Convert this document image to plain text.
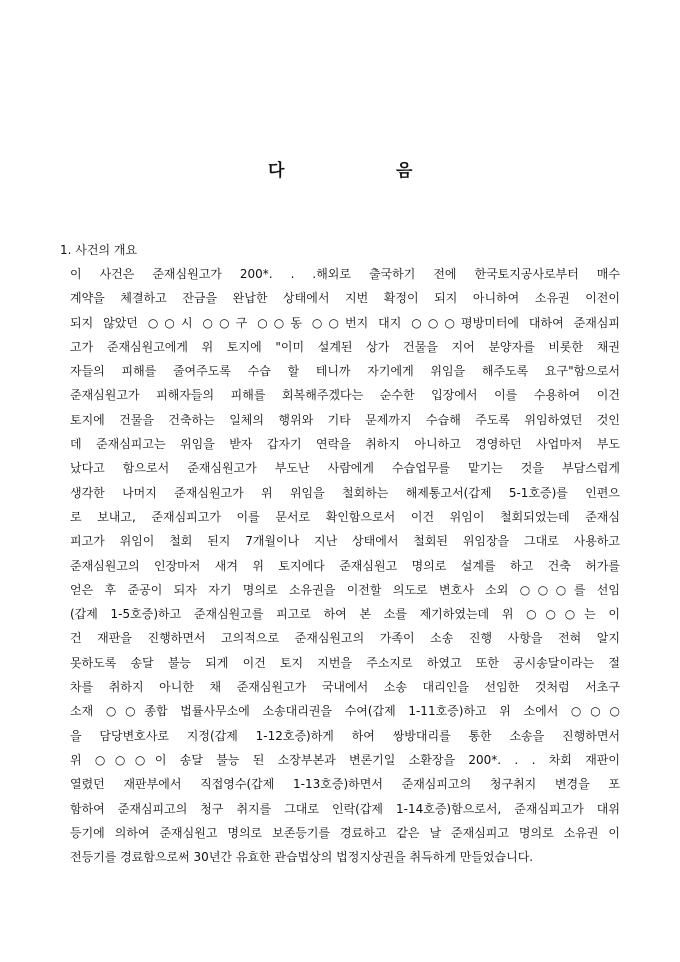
다	음
1. 사건의 개요
이 사건은 준재심원고가 200*. . .해외로 출국하기 전에 한국토지공사로부터 매수
계약을 체결하고 잔금을 완납한 상태에서 지번 확정이 되지 아니하여 소유권 이전이
되지 않았던 ○○시 ○○구 ○○동 ○○번지 대지 ○○○평방미터에 대하여 준재심피
고가 준재심원고에게 위 토지에 "이미 설계된 상가 건물을 지어 분양자를 비롯한 채권
자들의 피해를 줄여주도록 수습 할 테니까 자기에게 위임을 해주도록 요구"함으로서
준재심원고가 피해자들의 피해를 회복해주겠다는 순수한 입장에서 이를 수용하여 이건
토지에 건물을 건축하는 일체의 행위와 기타 문제까지 수습해 주도록 위임하였던 것인
데 준재심피고는 위임을 받자 갑자기 연락을 취하지 아니하고 경영하던 사업마저 부도
났다고 함으로서 준재심원고가 부도난 사람에게 수습업무를 맡기는 것을 부담스럽게
생각한 나머지 준재심원고가 위 위임을 철회하는 해제통고서(갑제 5-1호증)를 인편으
로 보내고, 준재심피고가 이를 문서로 확인함으로서 이건 위임이 철회되었는데 준재심
피고가 위임이 철회 된지 7개월이나 지난 상태에서 철회된 위임장을 그대로 사용하고
준재심원고의 인장마저 새겨 위 토지에다 준재심원고 명의로 설계를 하고 건축 허가를
얻은 후 준공이 되자 자기 명의로 소유권을 이전할 의도로 변호사 소외 ○○○를 선임
(갑제 1-5호증)하고 준재심원고를 피고로 하여 본 소를 제기하였는데 위 ○○○는 이
건 재판을 진행하면서 고의적으로 준재심원고의 가족이 소송 진행 사항을 전혀 알지
못하도록 송달 불능 되게 이건 토지 지번을 주소지로 하였고 또한 공시송달이라는 절
차를 취하지 아니한 채 준재심원고가 국내에서 소송 대리인을 선임한 것처럼 서초구
소재 ○○종합 법률사무소에 소송대리권을 수여(갑제 1-11호증)하고 위 소에서 ○○○
을 담당변호사로 지정(갑제 1-12호증)하게 하여 쌍방대리를 통한 소송을 진행하면서
위 ○○○이 송달 불능 된 소장부본과 변론기일 소환장을 200*. . . 차회 재판이
열렸던 재판부에서 직접영수(갑제 1-13호증)하면서 준재심피고의 청구취지 변경을 포
함하여 준재심피고의 청구 취지를 그대로 인락(갑제 1-14호증)함으로서, 준재심피고가 대위
등기에 의하여 준재심원고 명의로 보존등기를 경료하고 같은 날 준재심피고 명의로 소유권 이
전등기를 경료함으로써 30년간 유효한 관습법상의 법정지상권을 취득하게 만들었습니다.
